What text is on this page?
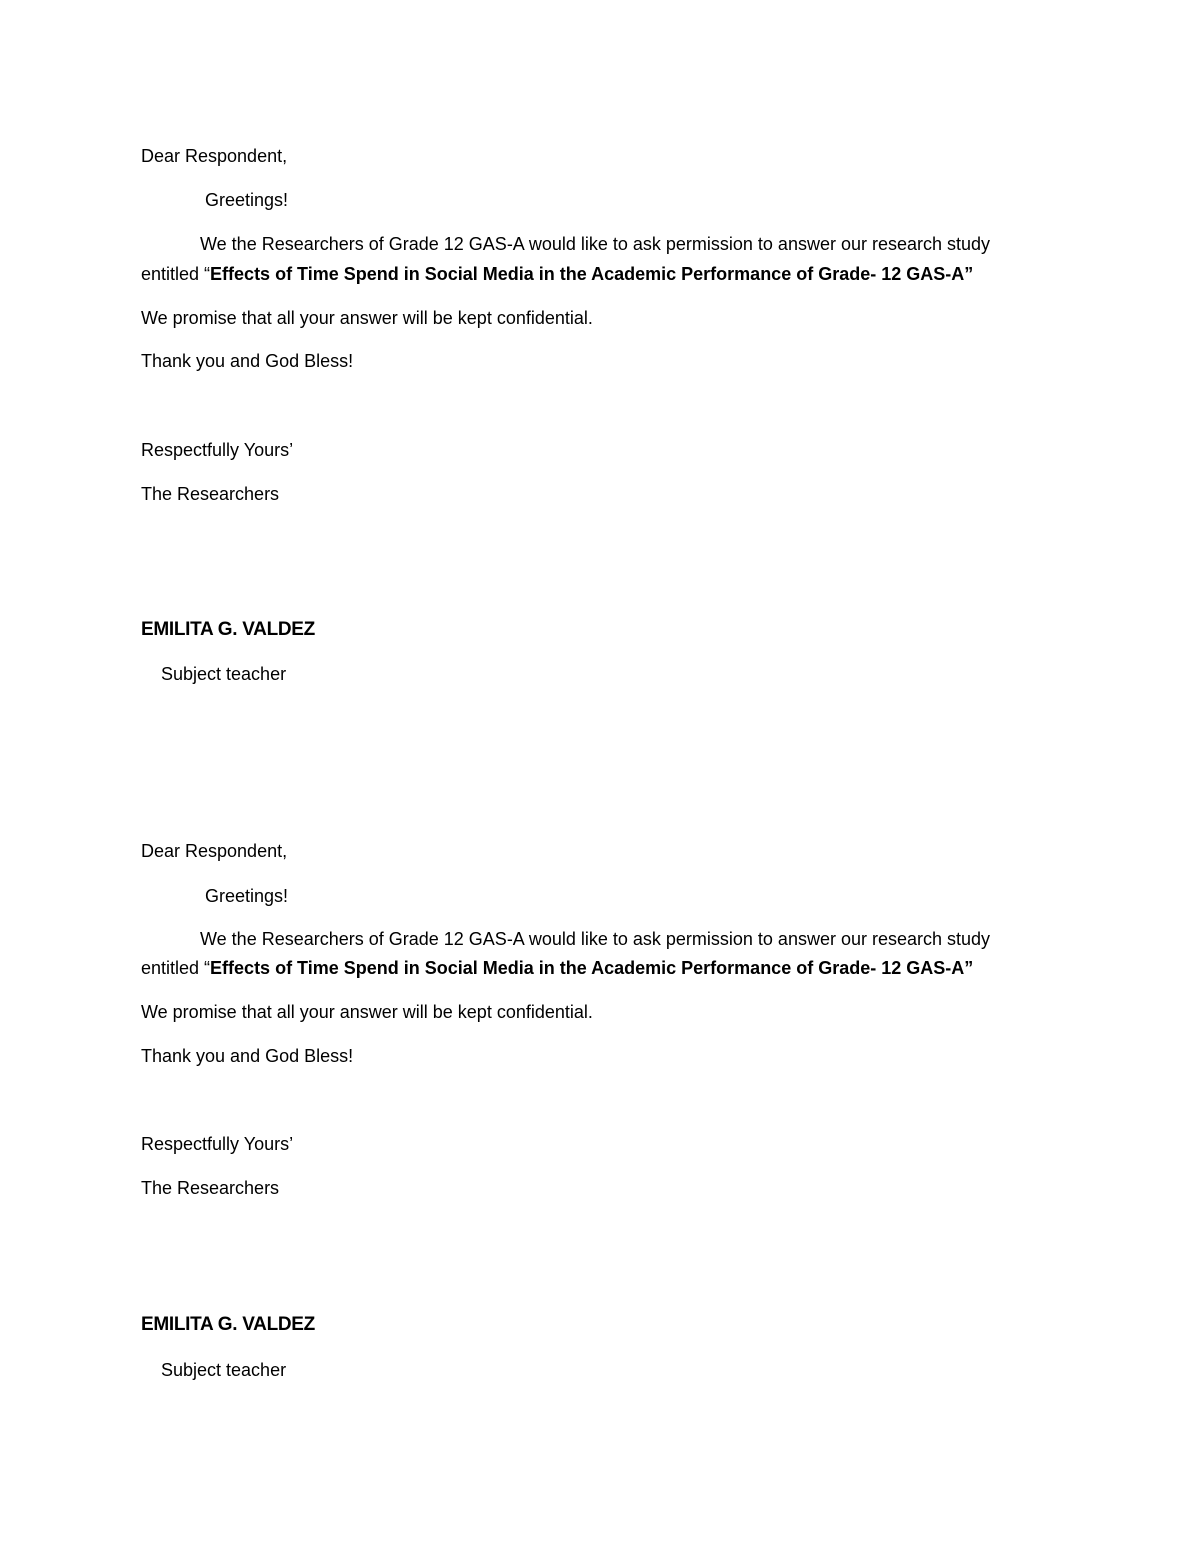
Dear Respondent,
Greetings!
We the Researchers of Grade 12 GAS-A would like to ask permission to answer our research study
entitled “Effects of Time Spend in Social Media in the Academic Performance of Grade- 12 GAS-A”
We promise that all your answer will be kept confidential.
Thank you and God Bless!
Respectfully Yours’
The Researchers
EMILITA G. VALDEZ
Subject teacher
Dear Respondent,
Greetings!
We the Researchers of Grade 12 GAS-A would like to ask permission to answer our research study
entitled “Effects of Time Spend in Social Media in the Academic Performance of Grade- 12 GAS-A”
We promise that all your answer will be kept confidential.
Thank you and God Bless!
Respectfully Yours’
The Researchers
EMILITA G. VALDEZ
Subject teacher
